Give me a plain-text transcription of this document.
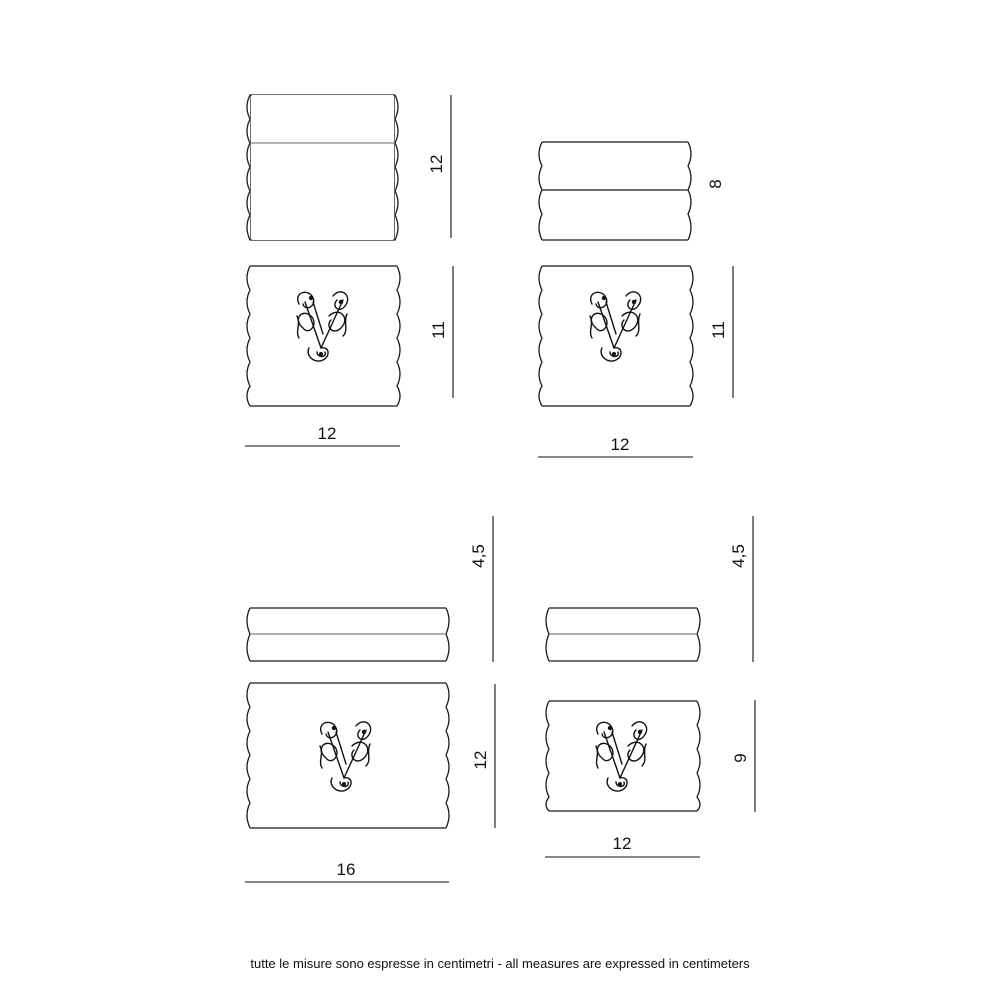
12
11
12
8
11
12
4,5
12
16
4,5
9
12
tutte le misure sono espresse in centimetri - all measures are expressed in centimeters
